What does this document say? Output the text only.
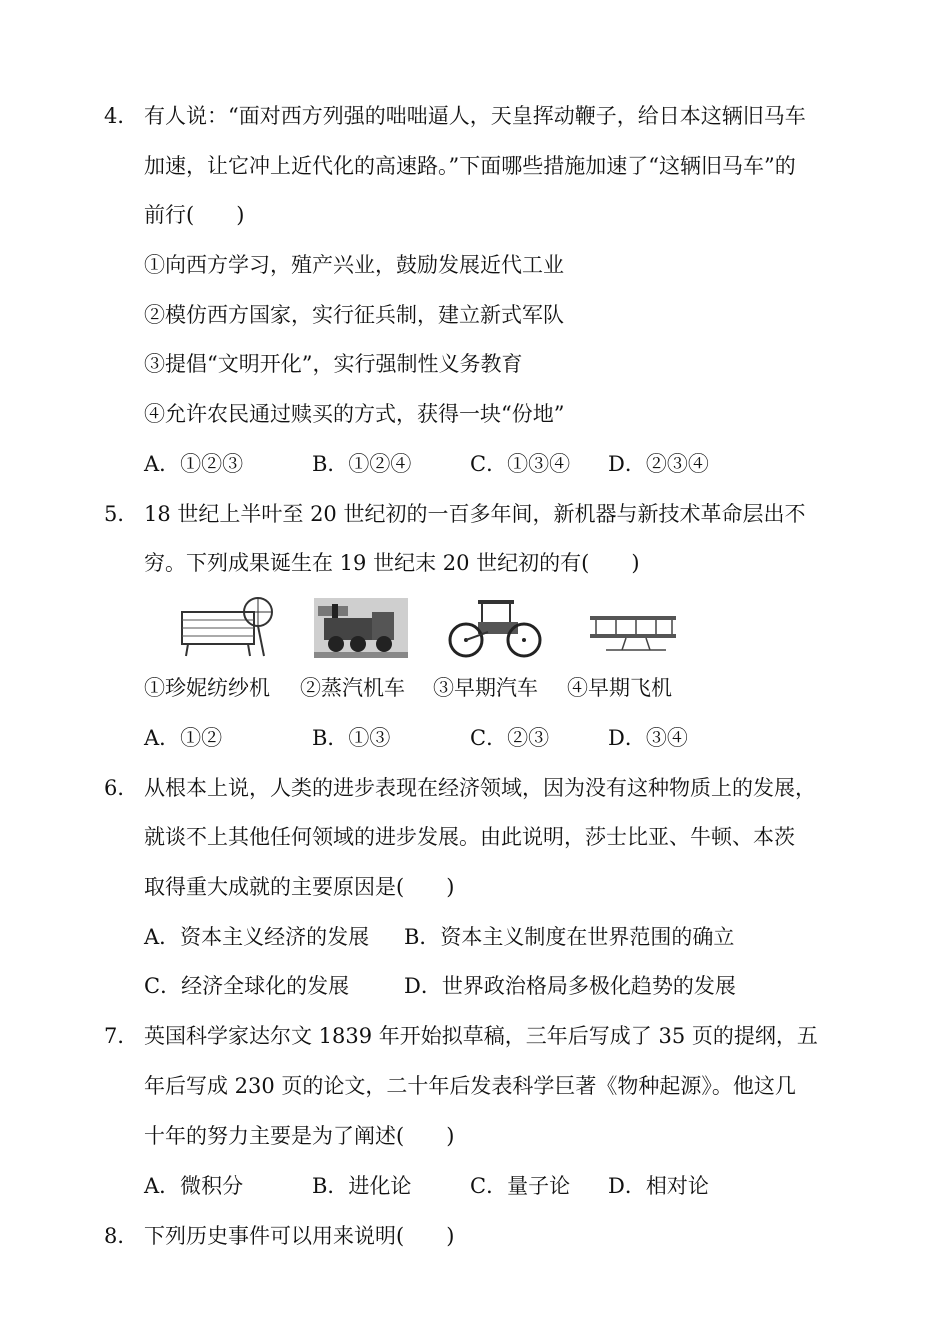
4． 有人说：“面对西方列强的咄咄逼人，天皇挥动鞭子，给日本这辆旧马车
加速，让它冲上近代化的高速路。”下面哪些措施加速了“这辆旧马车”的
前行(　　)
①向西方学习，殖产兴业，鼓励发展近代工业
②模仿西方国家，实行征兵制，建立新式军队
③提倡“文明开化”，实行强制性义务教育
④允许农民通过赎买的方式，获得一块“份地”
A．①②③	B．①②④	C．①③④ D．②③④
5． 18 世纪上半叶至 20 世纪初的一百多年间，新机器与新技术革命层出不
穷。下列成果诞生在 19 世纪末 20 世纪初的有(　　)
①珍妮纺纱机 ②蒸汽机车 ③早期汽车 ④早期飞机
A．①②	B．①③	C．②③	D．③④
6． 从根本上说，人类的进步表现在经济领域，因为没有这种物质上的发展，
就谈不上其他任何领域的进步发展。由此说明，莎士比亚、牛顿、本茨
取得重大成就的主要原因是(　　)
A．资本主义经济的发展 B．资本主义制度在世界范围的确立
C．经济全球化的发展	D．世界政治格局多极化趋势的发展
7． 英国科学家达尔文 1839 年开始拟草稿，三年后写成了 35 页的提纲，五
年后写成 230 页的论文，二十年后发表科学巨著《物种起源》。他这几
十年的努力主要是为了阐述(　　)
A．微积分	B．进化论	C．量子论 D．相对论
8． 下列历史事件可以用来说明(　　)
